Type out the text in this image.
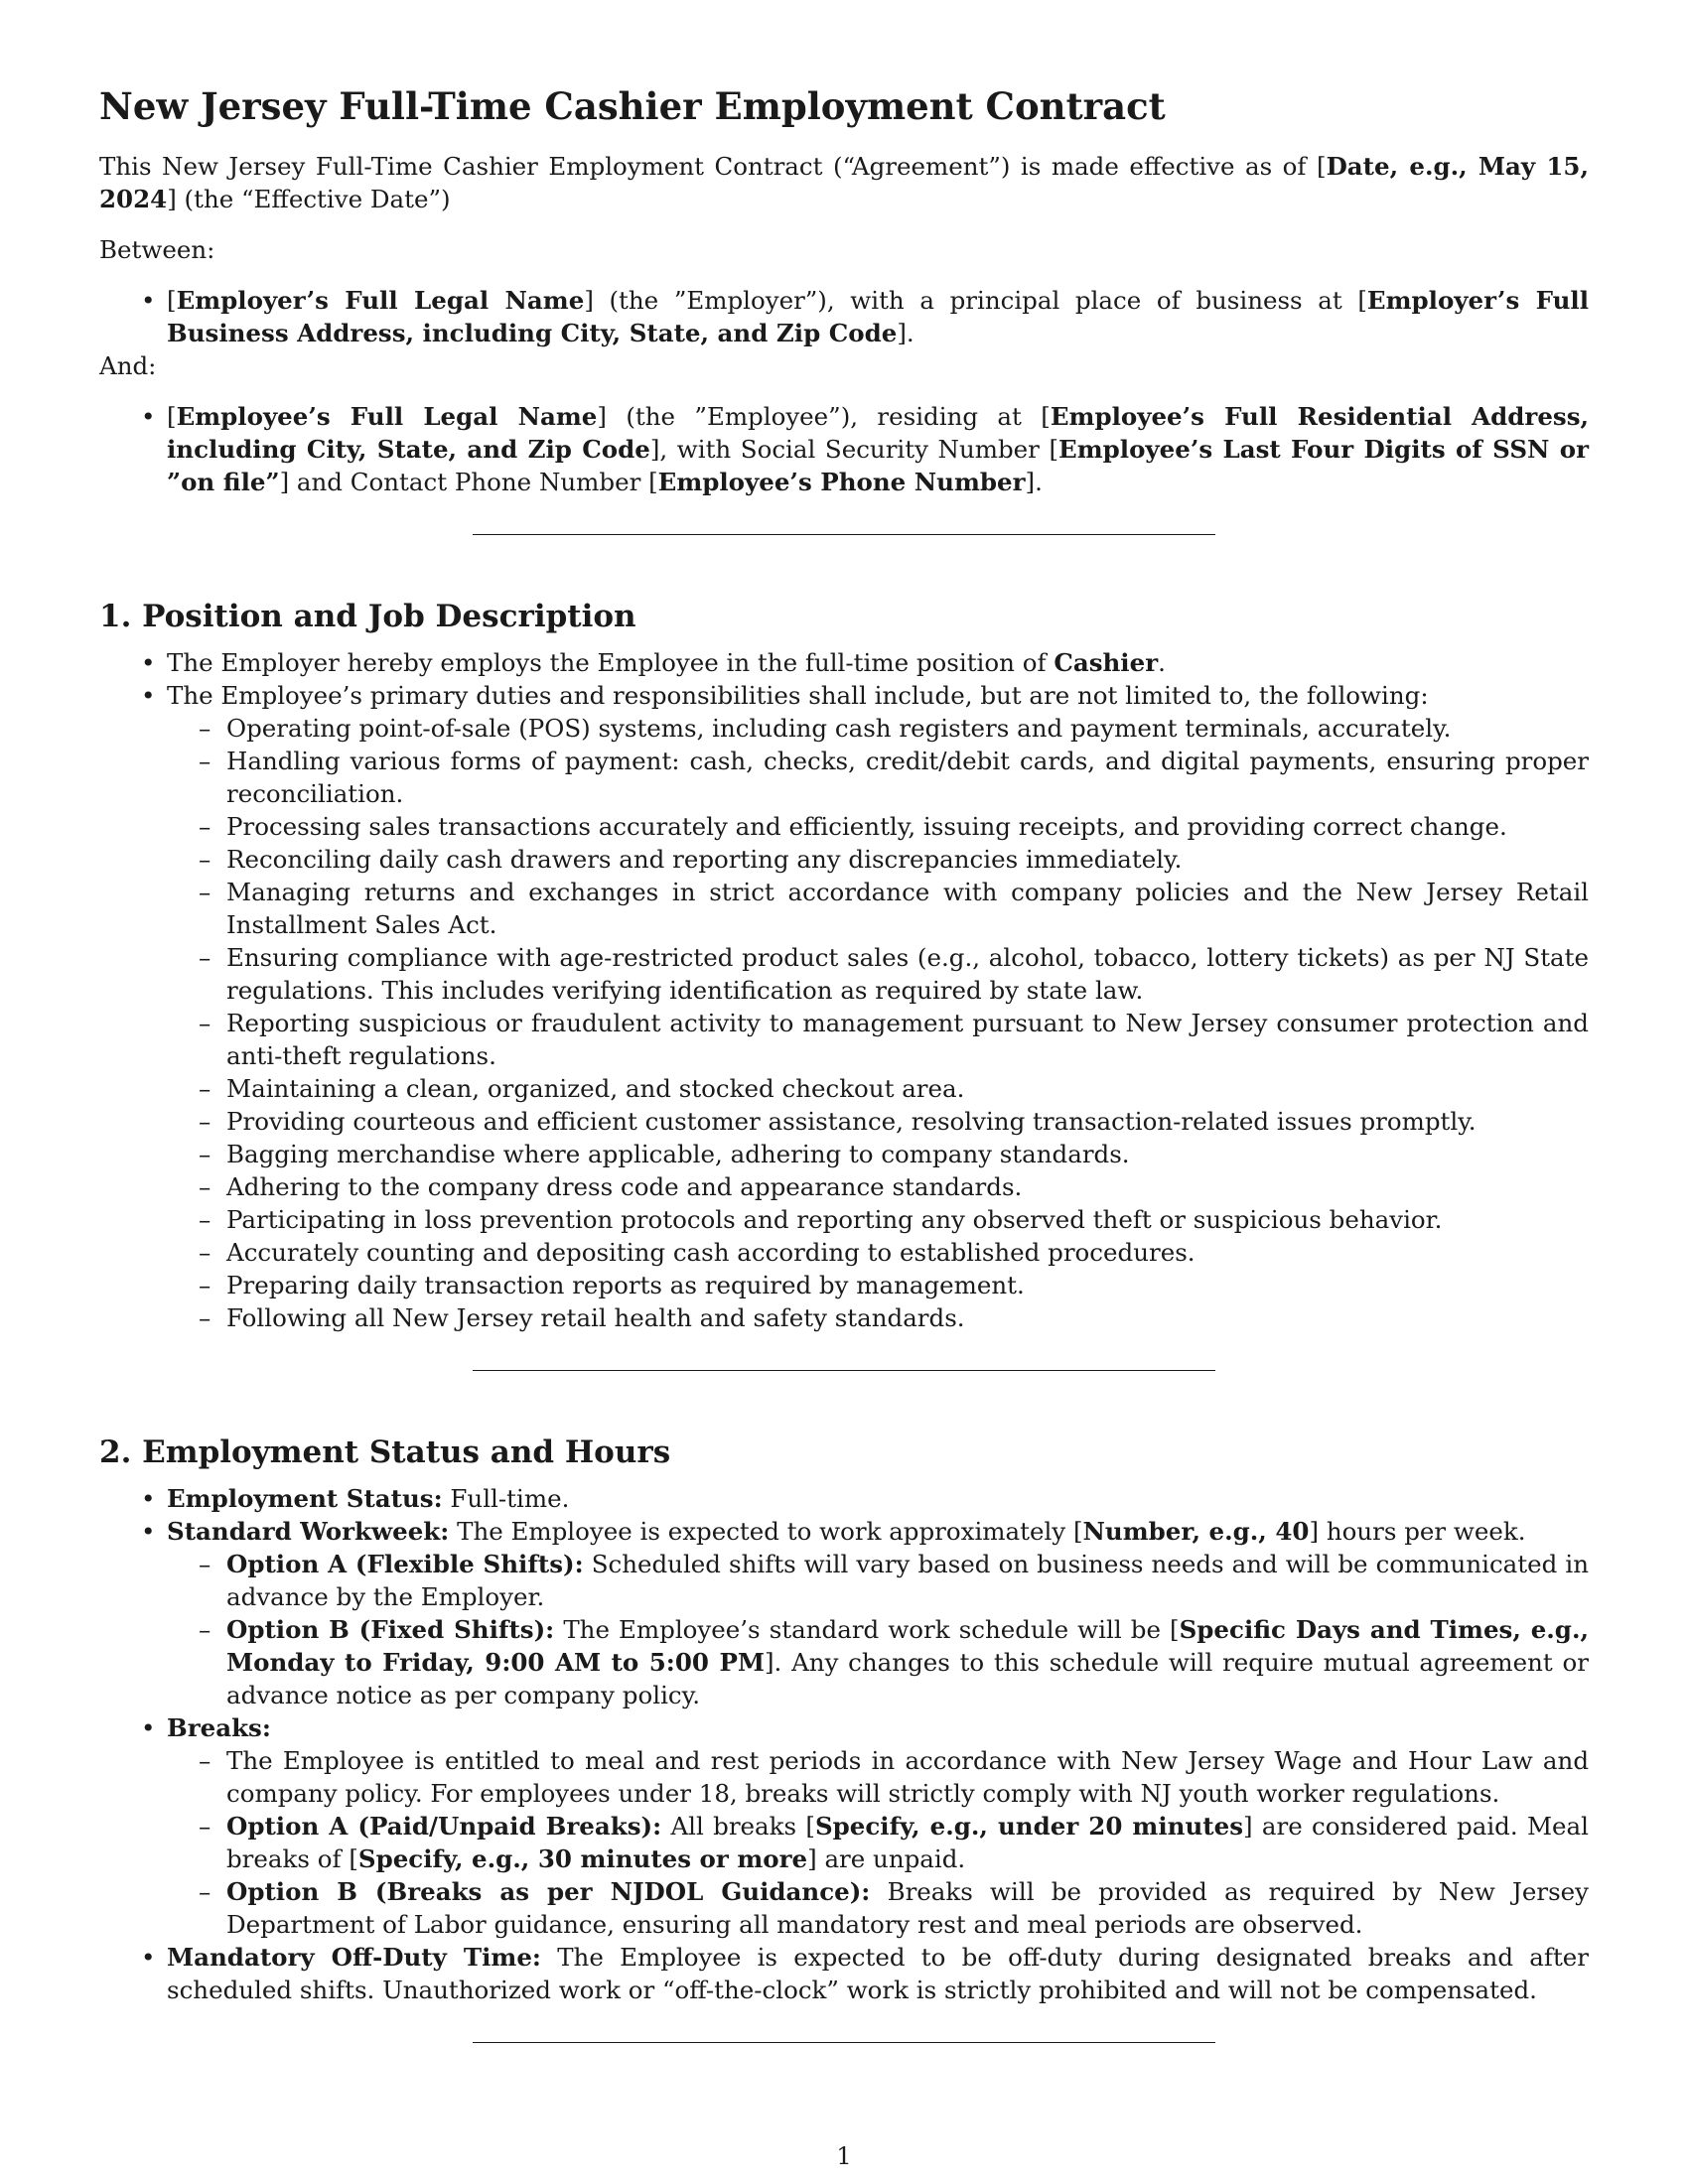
New Jersey Full-Time Cashier Employment Contract

This New Jersey Full-Time Cashier Employment Contract (“Agreement”) is made effective as of [Date, e.g., May 15, 2024] (the “Effective Date”)

Between:

• [Employer’s Full Legal Name] (the ”Employer”), with a principal place of business at [Employer’s Full Business Address, including City, State, and Zip Code].

And:

• [Employee’s Full Legal Name] (the ”Employee”), residing at [Employee’s Full Residential Address, including City, State, and Zip Code], with Social Security Number [Employee’s Last Four Digits of SSN or ”on file”] and Contact Phone Number [Employee’s Phone Number].
1. Position and Job Description
• The Employer hereby employs the Employee in the full-time position of Cashier.
• The Employee’s primary duties and responsibilities shall include, but are not limited to, the following:
– Operating point-of-sale (POS) systems, including cash registers and payment terminals, accurately.
– Handling various forms of payment: cash, checks, credit/debit cards, and digital payments, ensuring proper reconciliation.
– Processing sales transactions accurately and efficiently, issuing receipts, and providing correct change.
– Reconciling daily cash drawers and reporting any discrepancies immediately.
– Managing returns and exchanges in strict accordance with company policies and the New Jersey Retail Installment Sales Act.
– Ensuring compliance with age-restricted product sales (e.g., alcohol, tobacco, lottery tickets) as per NJ State regulations. This includes verifying identification as required by state law.
– Reporting suspicious or fraudulent activity to management pursuant to New Jersey consumer protection and anti-theft regulations.
– Maintaining a clean, organized, and stocked checkout area.
– Providing courteous and efficient customer assistance, resolving transaction-related issues promptly.
– Bagging merchandise where applicable, adhering to company standards.
– Adhering to the company dress code and appearance standards.
– Participating in loss prevention protocols and reporting any observed theft or suspicious behavior.
– Accurately counting and depositing cash according to established procedures.
– Preparing daily transaction reports as required by management.
– Following all New Jersey retail health and safety standards.
2. Employment Status and Hours
• Employment Status: Full-time.
• Standard Workweek: The Employee is expected to work approximately [Number, e.g., 40] hours per week.
– Option A (Flexible Shifts): Scheduled shifts will vary based on business needs and will be communicated in advance by the Employer.
– Option B (Fixed Shifts): The Employee’s standard work schedule will be [Specific Days and Times, e.g., Monday to Friday, 9:00 AM to 5:00 PM]. Any changes to this schedule will require mutual agreement or advance notice as per company policy.
• Breaks:
– The Employee is entitled to meal and rest periods in accordance with New Jersey Wage and Hour Law and company policy. For employees under 18, breaks will strictly comply with NJ youth worker regulations.
– Option A (Paid/Unpaid Breaks): All breaks [Specify, e.g., under 20 minutes] are considered paid. Meal breaks of [Specify, e.g., 30 minutes or more] are unpaid.
– Option B (Breaks as per NJDOL Guidance): Breaks will be provided as required by New Jersey Department of Labor guidance, ensuring all mandatory rest and meal periods are observed.
• Mandatory Off-Duty Time: The Employee is expected to be off-duty during designated breaks and after scheduled shifts. Unauthorized work or “off-the-clock” work is strictly prohibited and will not be compensated.
1
